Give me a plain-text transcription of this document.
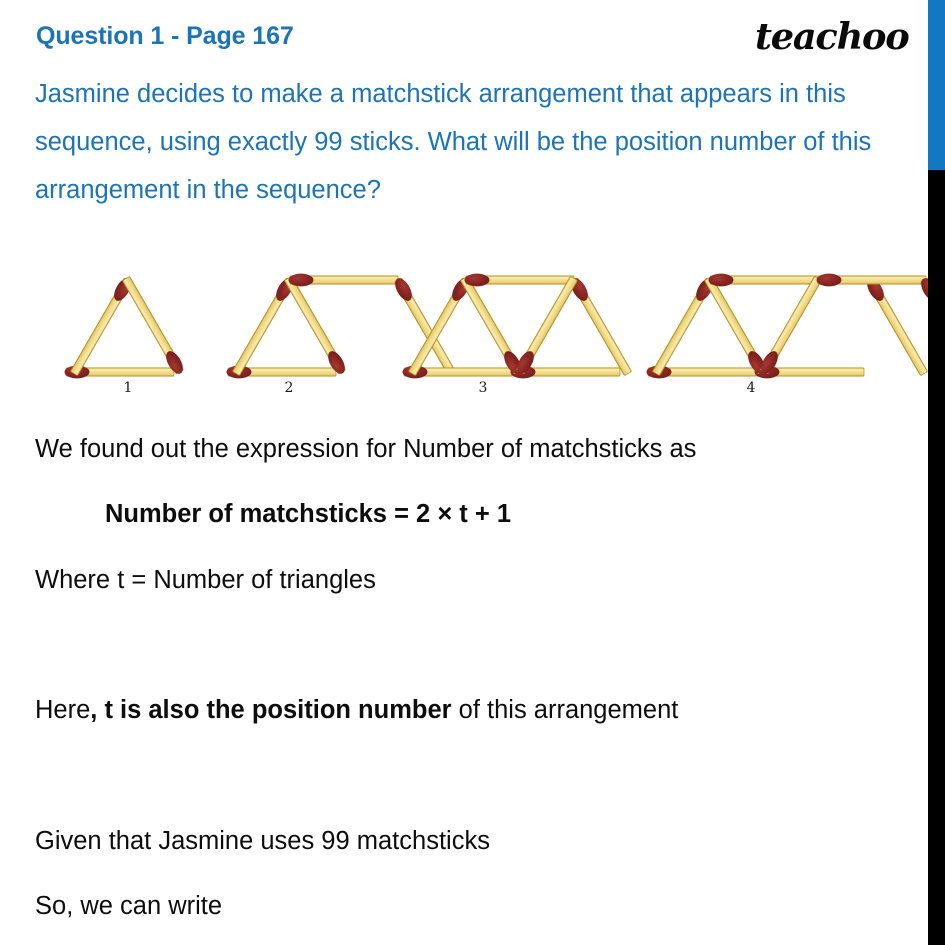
Question 1 - Page 167	teachoo
Jasmine decides to make a matchstick arrangement that appears in this sequence, using exactly 99 sticks. What will be the position number of this arrangement in the sequence?
1	2	3	4
We found out the expression for Number of matchsticks as
Number of matchsticks = 2 × t + 1
Where t = Number of triangles
Here, t is also the position number of this arrangement
Given that Jasmine uses 99 matchsticks
So, we can write
